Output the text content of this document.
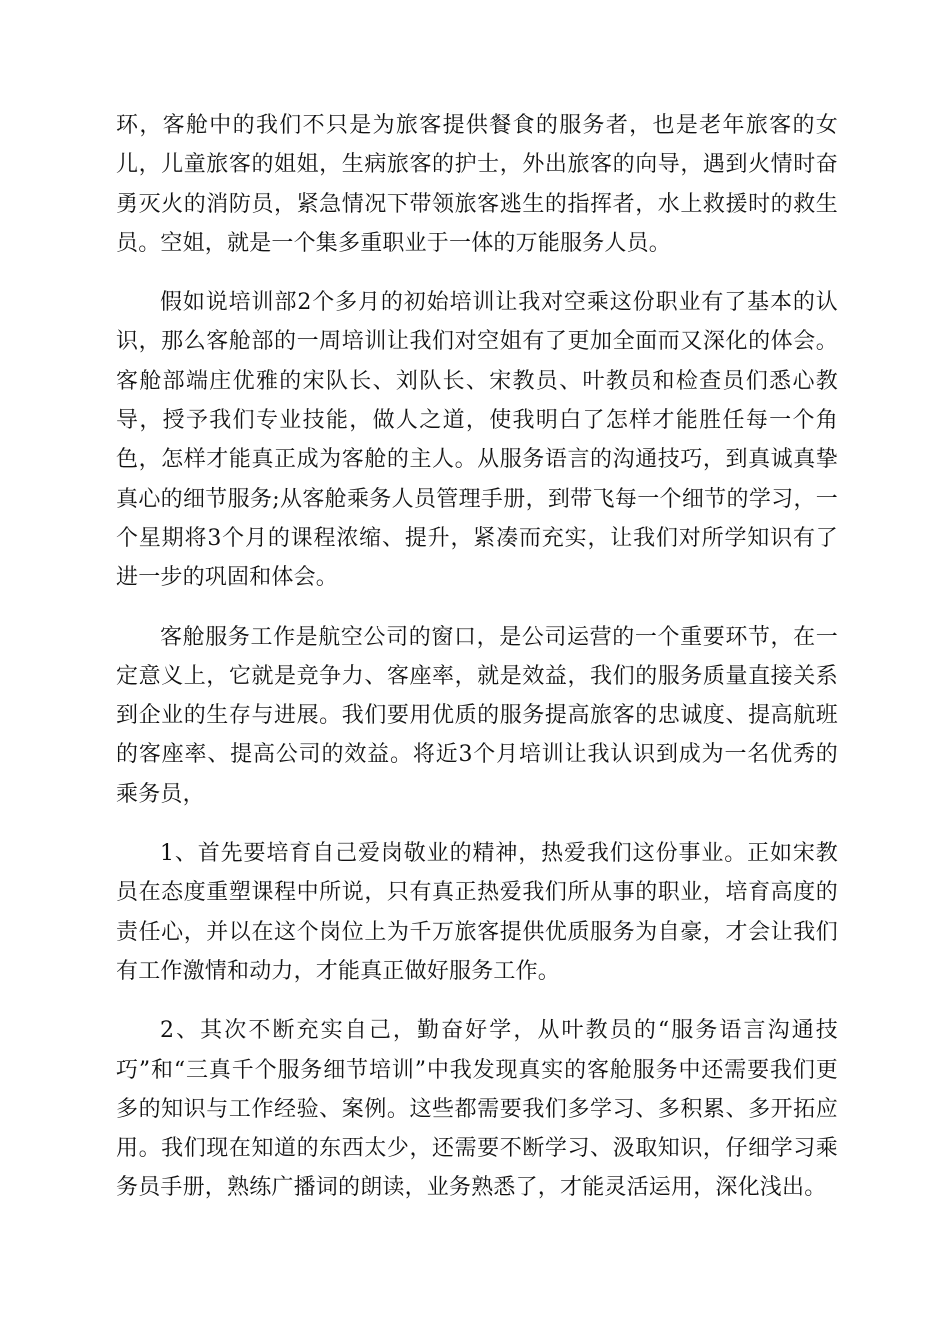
环，客舱中的我们不只是为旅客提供餐食的服务者，也是老年旅客的女儿，儿童旅客的姐姐，生病旅客的护士，外出旅客的向导，遇到火情时奋勇灭火的消防员，紧急情况下带领旅客逃生的指挥者，水上救援时的救生员。空姐，就是一个集多重职业于一体的万能服务人员。

假如说培训部2个多月的初始培训让我对空乘这份职业有了基本的认识，那么客舱部的一周培训让我们对空姐有了更加全面而又深化的体会。客舱部端庄优雅的宋队长、刘队长、宋教员、叶教员和检查员们悉心教导，授予我们专业技能，做人之道，使我明白了怎样才能胜任每一个角色，怎样才能真正成为客舱的主人。从服务语言的沟通技巧，到真诚真挚真心的细节服务;从客舱乘务人员管理手册，到带飞每一个细节的学习，一个星期将3个月的课程浓缩、提升，紧凑而充实，让我们对所学知识有了进一步的巩固和体会。

客舱服务工作是航空公司的窗口，是公司运营的一个重要环节，在一定意义上，它就是竞争力、客座率，就是效益，我们的服务质量直接关系到企业的生存与进展。我们要用优质的服务提高旅客的忠诚度、提高航班的客座率、提高公司的效益。将近3个月培训让我认识到成为一名优秀的乘务员，

1、首先要培育自己爱岗敬业的精神，热爱我们这份事业。正如宋教员在态度重塑课程中所说，只有真正热爱我们所从事的职业，培育高度的责任心，并以在这个岗位上为千万旅客提供优质服务为自豪，才会让我们有工作激情和动力，才能真正做好服务工作。

2、其次不断充实自己，勤奋好学，从叶教员的“服务语言沟通技巧”和“三真千个服务细节培训”中我发现真实的客舱服务中还需要我们更多的知识与工作经验、案例。这些都需要我们多学习、多积累、多开拓应用。我们现在知道的东西太少，还需要不断学习、汲取知识，仔细学习乘务员手册，熟练广播词的朗读，业务熟悉了，才能灵活运用，深化浅出。
